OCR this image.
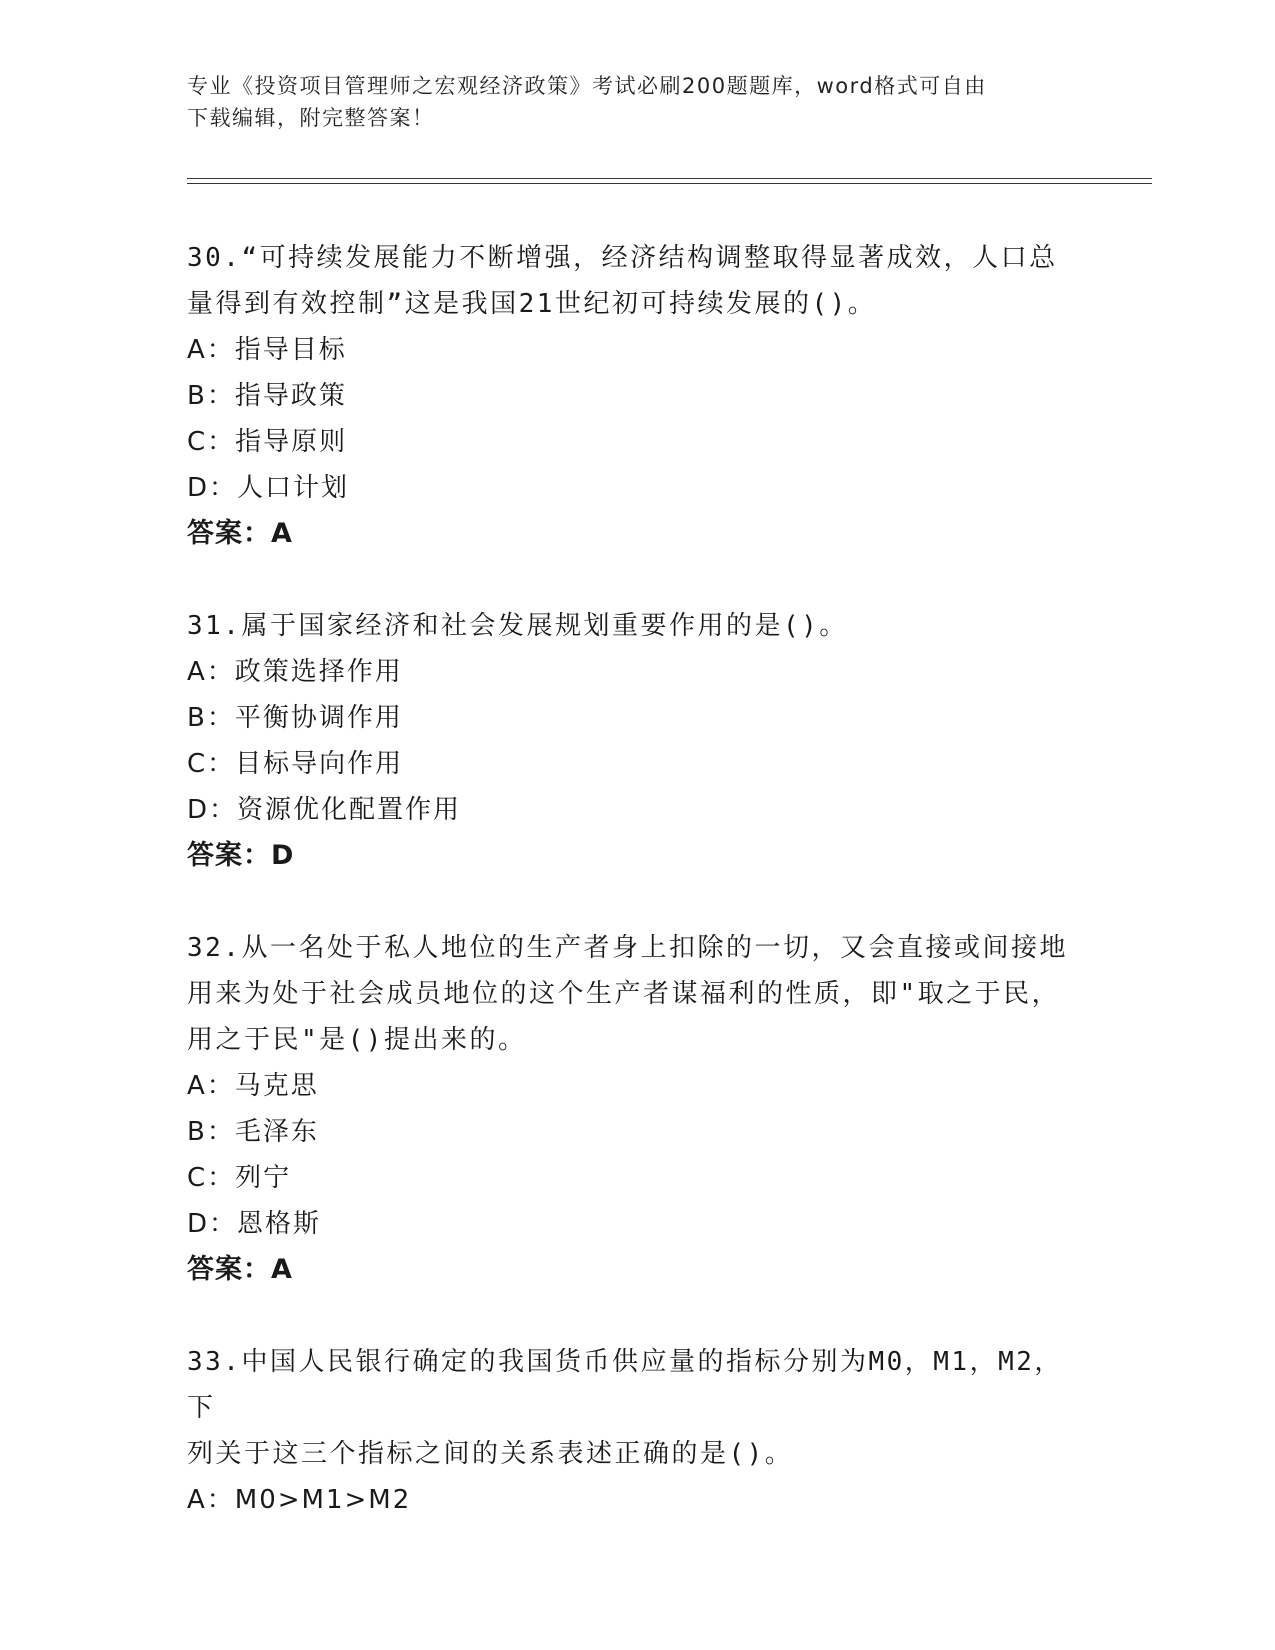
专业《投资项目管理师之宏观经济政策》考试必刷200题题库，word格式可自由
下载编辑，附完整答案！

30.“可持续发展能力不断增强，经济结构调整取得显著成效，人口总

量得到有效控制”这是我国21世纪初可持续发展的()。

A：指导目标

B：指导政策

C：指导原则

D：人口计划

答案：A

31.属于国家经济和社会发展规划重要作用的是()。

A：政策选择作用

B：平衡协调作用

C：目标导向作用

D：资源优化配置作用

答案：D

32.从一名处于私人地位的生产者身上扣除的一切，又会直接或间接地

用来为处于社会成员地位的这个生产者谋福利的性质，即"取之于民，

用之于民"是()提出来的。

A：马克思

B：毛泽东

C：列宁

D：恩格斯

答案：A

33.中国人民银行确定的我国货币供应量的指标分别为M0，M1，M2，下

列关于这三个指标之间的关系表述正确的是()。

A：M0>M1>M2
